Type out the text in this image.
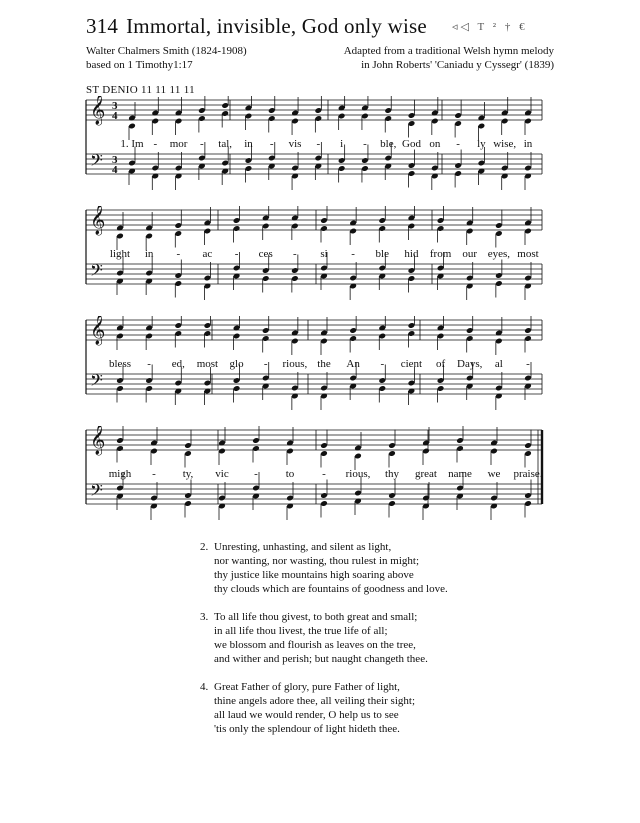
314 Immortal, invisible, God only wise	◃◁ T ² † €
Walter Chalmers Smith (1824-1908)
based on 1 Timothy1:17
Adapted from a traditional Welsh hymn melody
in John Roberts' 'Caniadu y Cyssegr' (1839)
ST DENIO 11 11 11 11
𝄞
𝄢
3
4
3
4
1. Im - mor - tal, in - vis - i - ble, God on - ly wise, in
𝄞
𝄢
light in - ac - ces - si - ble hid from our eyes, most
𝄞
𝄢
bless - ed, most glo - rious, the An - cient of Days, al -
𝄞
𝄢
migh - ty, vic -	to	- rious, thy great name we praise.
2. Unresting, unhasting, and silent as light,
nor wanting, nor wasting, thou rulest in might;
thy justice like mountains high soaring above
thy clouds which are fountains of goodness and love.
3. To all life thou givest, to both great and small;
in all life thou livest, the true life of all;
we blossom and flourish as leaves on the tree,
and wither and perish; but naught changeth thee.
4. Great Father of glory, pure Father of light,
thine angels adore thee, all veiling their sight;
all laud we would render, O help us to see
'tis only the splendour of light hideth thee.
